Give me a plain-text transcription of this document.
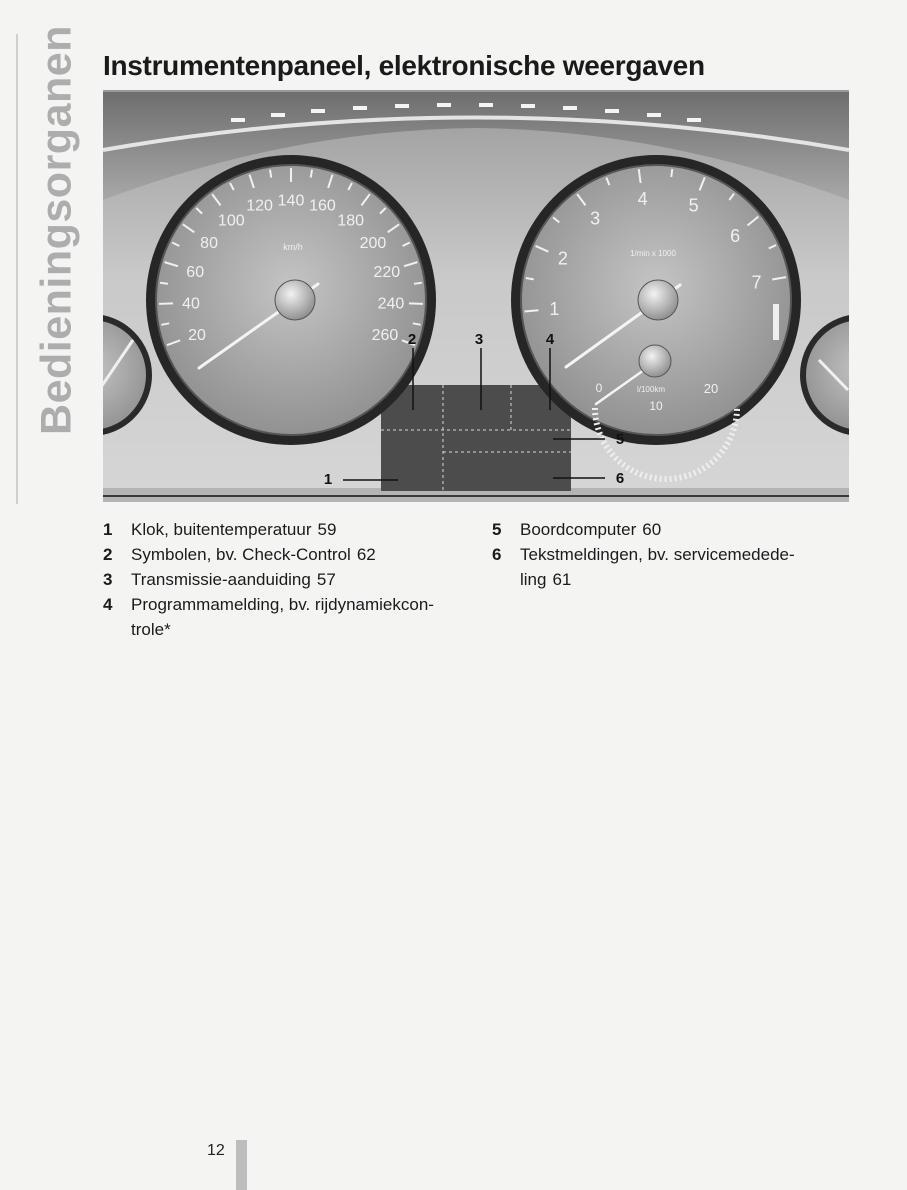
Bedieningsorganen Instrumentenpaneel, elektronische weergaven
20
40
60
80
100
120 140 160
180
200
220
240
260
km/h
1
2
3
4 5
6
7
1/min x 1000
l/100km
0
10
20
1
2	3	4
5
6
1	Klok, buitentemperatuur 59
2	Symbolen, bv. Check-Control 62
3	Transmissie-aanduiding 57
4	Programmamelding, bv. rijdynamiekcon-trole*
5	Boordcomputer 60
6	Tekstmeldingen, bv. servicemedede-ling 61
12
